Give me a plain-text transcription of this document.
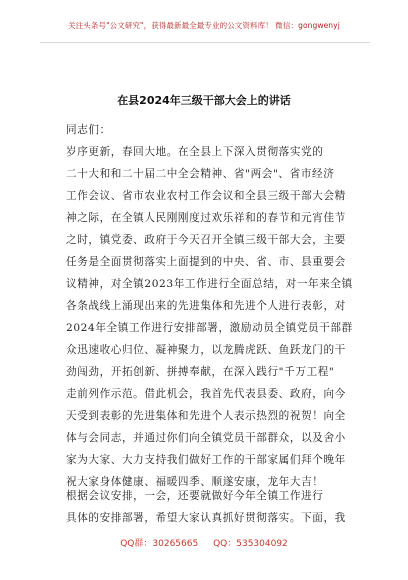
关注头条号"公文研究"，获得最新最全最专业的公文资料库！ 微信：gongwenyj
在县2024年三级干部大会上的讲话
同志们：
岁序更新，春回大地。在全县上下深入贯彻落实党的
二十大和和二十届二中全会精神、省"两会"、省市经济
工作会议、省市农业农村工作会议和全县三级干部大会精
神之际，在全镇人民刚刚度过欢乐祥和的春节和元宵佳节
之时，镇党委、政府于今天召开全镇三级干部大会，主要
任务是全面贯彻落实上面提到的中央、省、市、县重要会
议精神，对全镇2023年工作进行全面总结，对一年来全镇
各条战线上涌现出来的先进集体和先进个人进行表彰，对
2024年全镇工作进行安排部署，激励动员全镇党员干部群
众迅速收心归位、凝神聚力，以龙腾虎跃、鱼跃龙门的干
劲闯劲，开拓创新、拼搏奉献，在深入践行"千万工程"
走前列作示范。借此机会，我首先代表县委、政府，向今
天受到表彰的先进集体和先进个人表示热烈的祝贺！向全
体与会同志，并通过你们向全镇党员干部群众，以及舍小
家为大家、大力支持我们做好工作的干部家属们拜个晚年
祝大家身体健康、福暖四季、顺遂安康，龙年大吉！
根据会议安排，一会，还要就做好今年全镇工作进行
具体的安排部署，希望大家认真抓好贯彻落实。下面，我
QQ群：30265665 QQ：535304092
